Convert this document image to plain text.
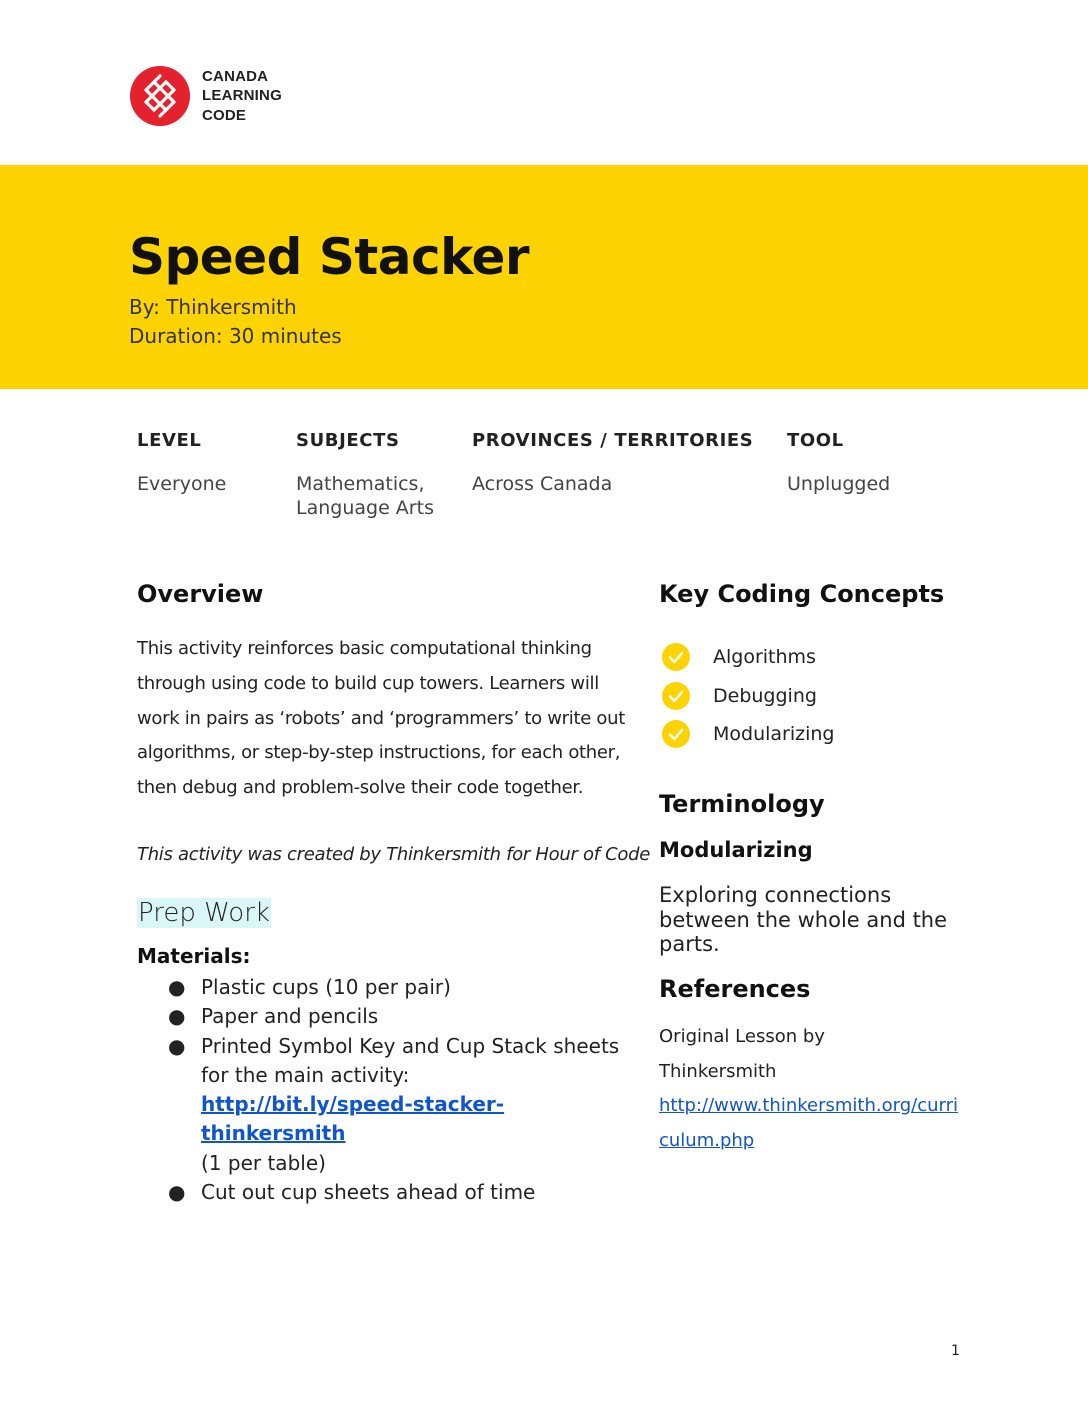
CANADA
LEARNING
CODE
Speed Stacker
By: Thinkersmith
Duration: 30 minutes
LEVEL
Everyone
SUBJECTS
Mathematics,
Language Arts
PROVINCES / TERRITORIES
Across Canada
TOOL
Unplugged
Overview
This activity reinforces basic computational thinking
through using code to build cup towers. Learners will
work in pairs as ‘robots’ and ‘programmers’ to write out
algorithms, or step-by-step instructions, for each other,
then debug and problem-solve their code together.
This activity was created by Thinkersmith for Hour of Code
Prep Work
Materials:
● Plastic cups (10 per pair)
● Paper and pencils
● Printed Symbol Key and Cup Stack sheets
for the main activity:
http://bit.ly/speed-stacker-thinkersmith
(1 per table)
● Cut out cup sheets ahead of time
Key Coding Concepts
Algorithms
Debugging
Modularizing
Terminology
Modularizing
Exploring connections between the whole and the parts.
References
Original Lesson by
Thinkersmith
http://www.thinkersmith.org/curriculum.php
1
